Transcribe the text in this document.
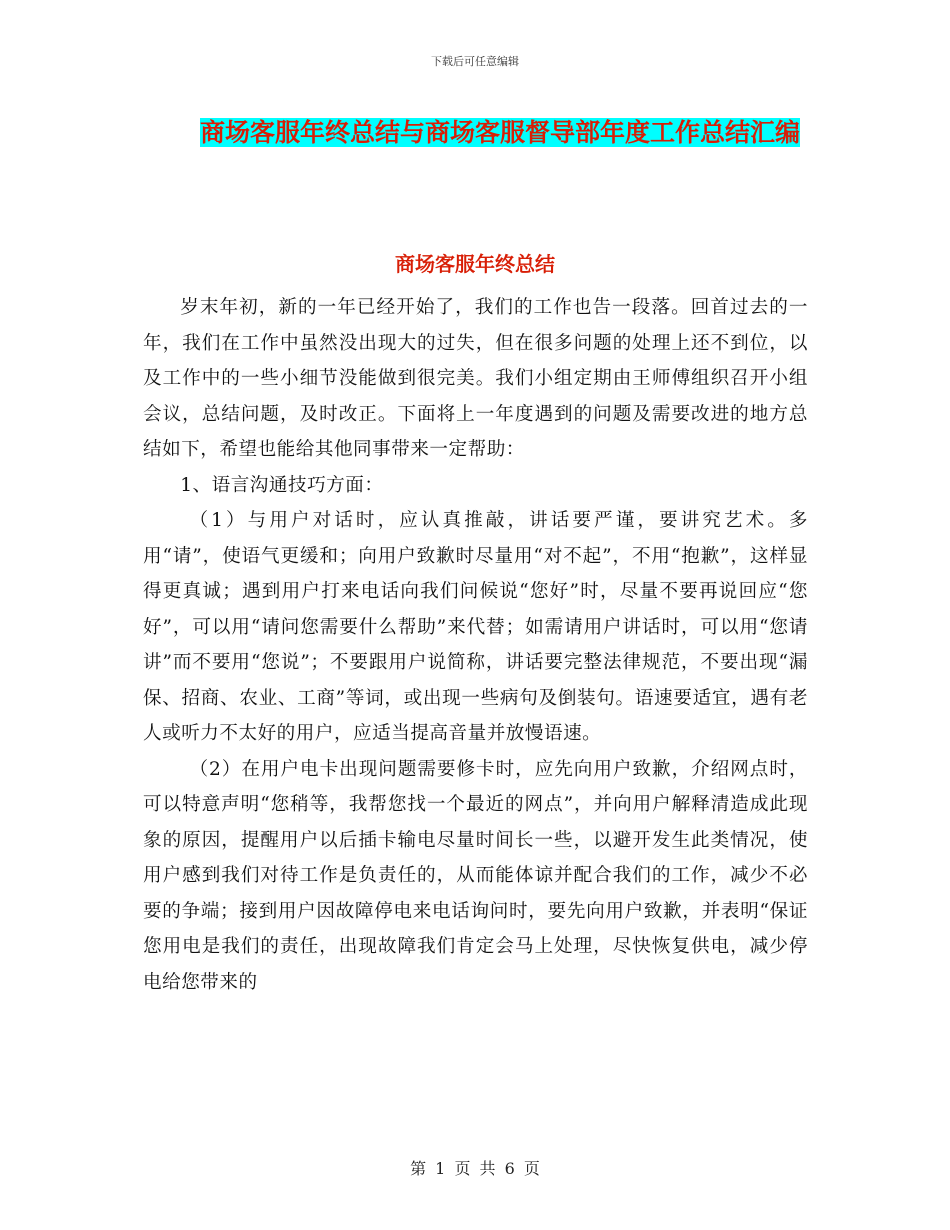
下载后可任意编辑
商场客服年终总结与商场客服督导部年度工作总结汇编
商场客服年终总结

岁末年初，新的一年已经开始了，我们的工作也告一段落。回首过去的一年，我们在工作中虽然没出现大的过失，但在很多问题的处理上还不到位，以及工作中的一些小细节没能做到很完美。我们小组定期由王师傅组织召开小组会议，总结问题，及时改正。下面将上一年度遇到的问题及需要改进的地方总结如下，希望也能给其他同事带来一定帮助：

1、语言沟通技巧方面：

（1）与用户对话时，应认真推敲，讲话要严谨，要讲究艺术。多用“请”，使语气更缓和；向用户致歉时尽量用“对不起”，不用“抱歉”，这样显得更真诚；遇到用户打来电话向我们问候说“您好”时，尽量不要再说回应“您好”，可以用“请问您需要什么帮助”来代替；如需请用户讲话时，可以用“您请讲”而不要用“您说”；不要跟用户说简称，讲话要完整法律规范，不要出现“漏保、招商、农业、工商”等词，或出现一些病句及倒装句。语速要适宜，遇有老人或听力不太好的用户，应适当提高音量并放慢语速。

（2）在用户电卡出现问题需要修卡时，应先向用户致歉，介绍网点时，可以特意声明“您稍等，我帮您找一个最近的网点”，并向用户解释清造成此现象的原因，提醒用户以后插卡输电尽量时间长一些，以避开发生此类情况，使用户感到我们对待工作是负责任的，从而能体谅并配合我们的工作，减少不必要的争端；接到用户因故障停电来电话询问时，要先向用户致歉，并表明“保证您用电是我们的责任，出现故障我们肯定会马上处理，尽快恢复供电，减少停电给您带来的

第 1 页 共 6 页
